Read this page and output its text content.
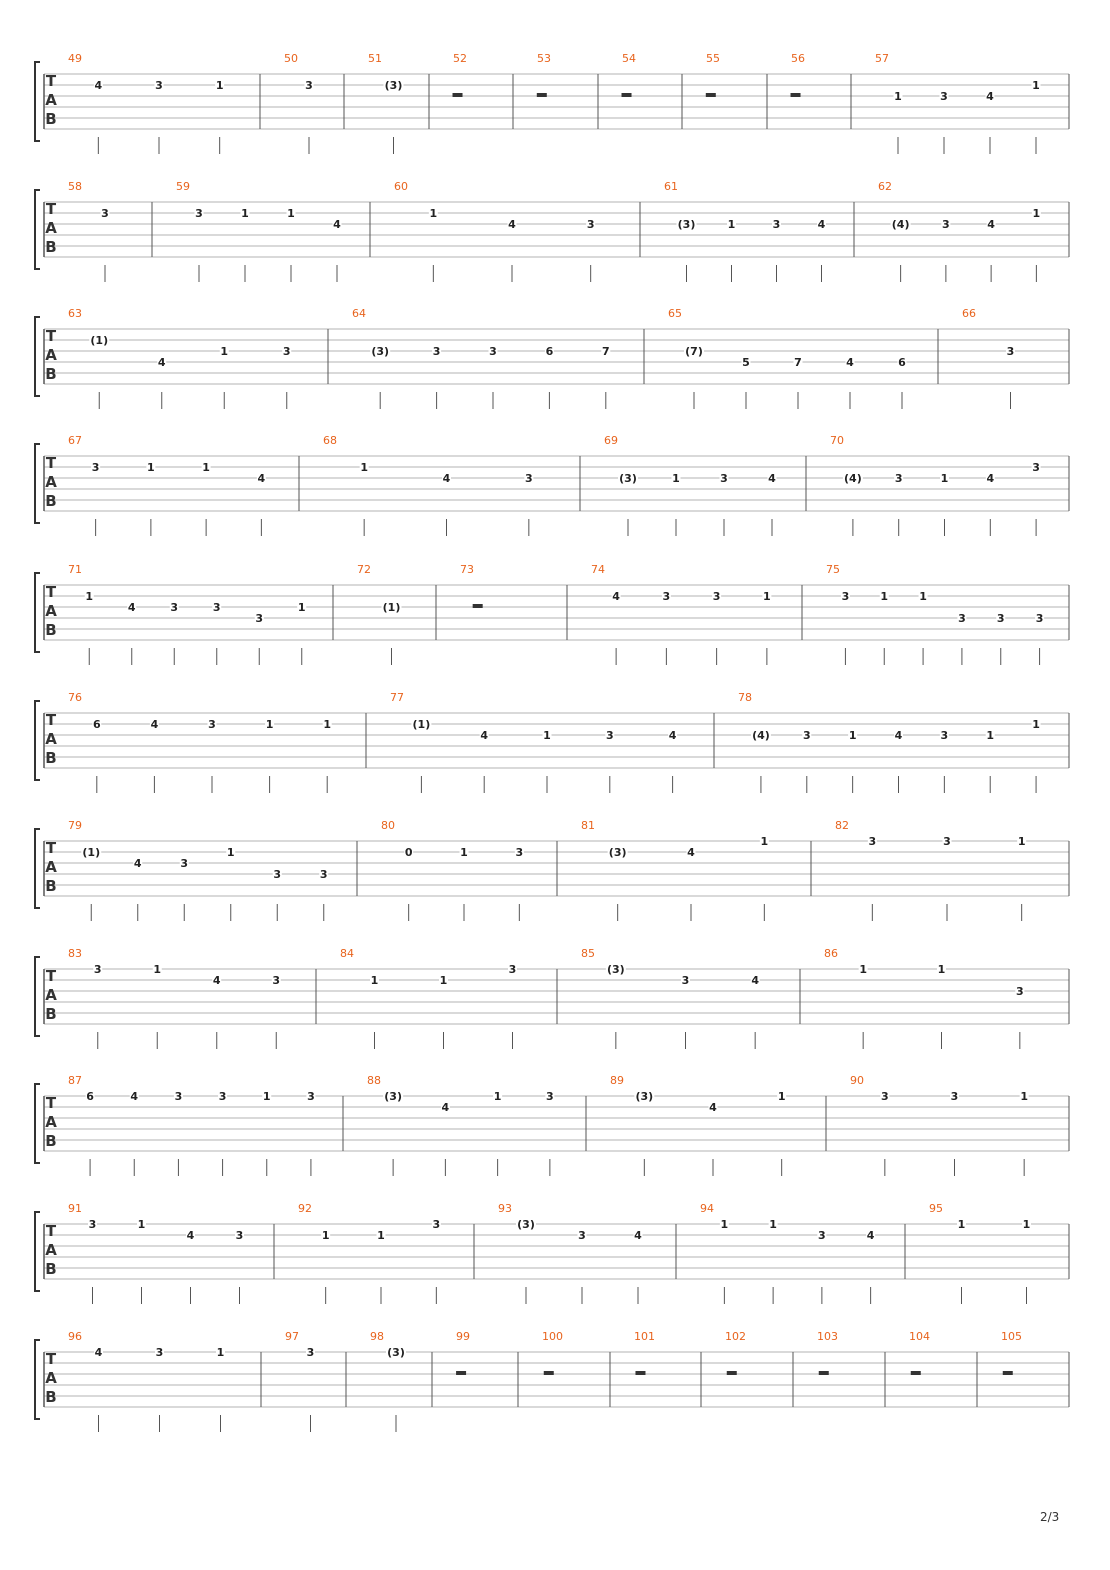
T
A
B
49
4	3	1
50
3
51
(3)
52	53	54	55	56	57
1	3	4
1
T
A
B
58
3
59
3	1	1
4
60
1
4	3
61
(3)	1	3	4
62
(4)	3	4
1
T
A
B
63
(1)
4
1	3
64
(3)	3	3	6	7
65
(7)
5	7	4	6
66
3
T
A
B
67
3	1	1
4
68
1
4	3
69
(3)	1	3	4
70
(4)	3	1	4
3
T
A
B
71
1
4	3	3
3
1
72
(1)
73	74
4	3	3	1
75
3	1	1
3	3	3
T
A
B
76
6	4	3	1	1
77
(1)
4	1	3	4
78
(4)	3	1	4	3	1
1
T
A
B
79
(1)
4	3
1
3	3
80
0	1	3
81
(3)	4
1
82
3	3	1
T
A
B
83
3	1
4	3
84
1	1
3
85
(3)
3	4
86
1	1
3
T
A
B
87
6	4	3	3	1	3
88
(3)
4
1	3
89
(3)
4
1
90
3	3	1
T
A
B
91
3	1
4	3
92
1	1
3
93
(3)
3	4
94
1	1
3	4
95
1	1
T
A
B
96
4	3	1
97
3
98
(3)
99	100	101	102	103	104	105
2/3
